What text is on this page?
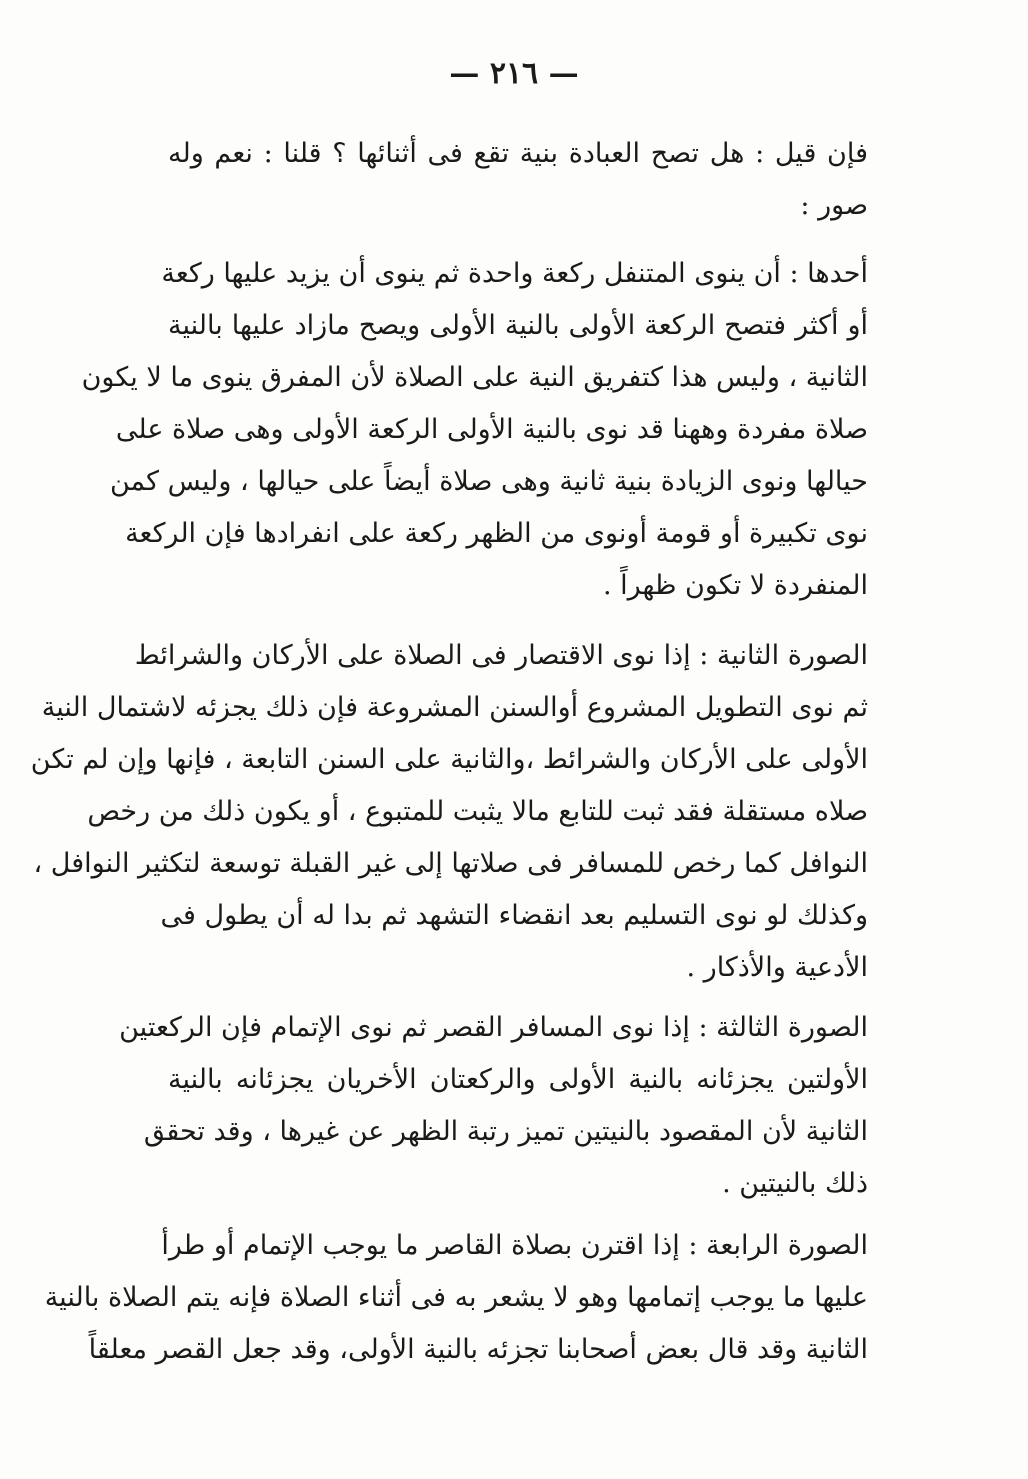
— ٢١٦ —
فإن قيل : هل تصح العبادة بنية تقع فى أثنائها ؟ قلنا : نعم وله
صور :
أحدها : أن ينوى المتنفل ركعة واحدة ثم ينوى أن يزيد عليها ركعة
أو أكثر فتصح الركعة الأولى بالنية الأولى ويصح مازاد عليها بالنية
الثانية ، وليس هذا كتفريق النية على الصلاة لأن المفرق ينوى ما لا يكون
صلاة مفردة وههنا قد نوى بالنية الأولى الركعة الأولى وهى صلاة على
حيالها ونوى الزيادة بنية ثانية وهى صلاة أيضاً على حيالها ، وليس كمن
نوى تكبيرة أو قومة أونوى من الظهر ركعة على انفرادها فإن الركعة
المنفردة لا تكون ظهراً .
الصورة الثانية : إذا نوى الاقتصار فى الصلاة على الأركان والشرائط
ثم نوى التطويل المشروع أوالسنن المشروعة فإن ذلك يجزئه لاشتمال النية
الأولى على الأركان والشرائط ،والثانية على السنن التابعة ، فإنها وإن لم تكن
صلاه مستقلة فقد ثبت للتابع مالا يثبت للمتبوع ، أو يكون ذلك من رخص
النوافل كما رخص للمسافر فى صلاتها إلى غير القبلة توسعة لتكثير النوافل ،
وكذلك لو نوى التسليم بعد انقضاء التشهد ثم بدا له أن يطول فى
الأدعية والأذكار .
الصورة الثالثة : إذا نوى المسافر القصر ثم نوى الإتمام فإن الركعتين
الأولتين يجزئانه بالنية الأولى والركعتان الأخريان يجزئانه بالنية
الثانية لأن المقصود بالنيتين تميز رتبة الظهر عن غيرها ، وقد تحقق
ذلك بالنيتين .
الصورة الرابعة : إذا اقترن بصلاة القاصر ما يوجب الإتمام أو طرأ
عليها ما يوجب إتمامها وهو لا يشعر به فى أثناء الصلاة فإنه يتم الصلاة بالنية
الثانية وقد قال بعض أصحابنا تجزئه بالنية الأولى، وقد جعل القصر معلقاً
